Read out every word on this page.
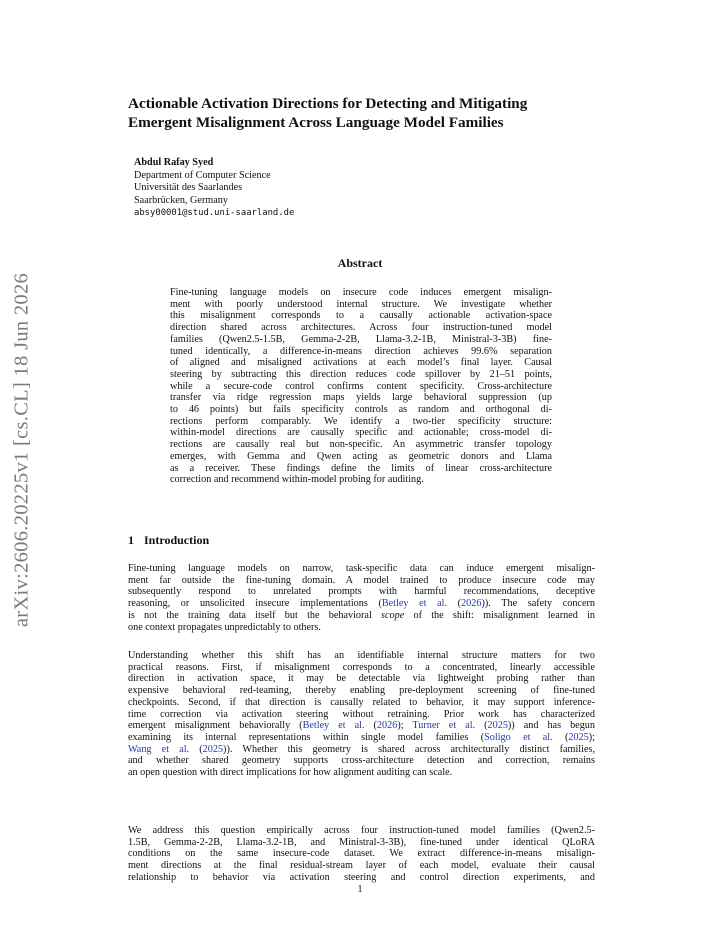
arXiv:2606.20225v1 [cs.CL] 18 Jun 2026
Actionable Activation Directions for Detecting and Mitigating
Emergent Misalignment Across Language Model Families
Abdul Rafay Syed
Department of Computer Science
Universität des Saarlandes
Saarbrücken, Germany
absy00001@stud.uni-saarland.de
Abstract
Fine-tuning language models on insecure code induces emergent misalign-
ment with poorly understood internal structure. We investigate whether
this misalignment corresponds to a causally actionable activation-space
direction shared across architectures. Across four instruction-tuned model
families (Qwen2.5-1.5B, Gemma-2-2B, Llama-3.2-1B, Ministral-3-3B) fine-
tuned identically, a difference-in-means direction achieves 99.6% separation
of aligned and misaligned activations at each model’s final layer. Causal
steering by subtracting this direction reduces code spillover by 21–51 points,
while a secure-code control confirms content specificity. Cross-architecture
transfer via ridge regression maps yields large behavioral suppression (up
to 46 points) but fails specificity controls as random and orthogonal di-
rections perform comparably. We identify a two-tier specificity structure:
within-model directions are causally specific and actionable; cross-model di-
rections are causally real but non-specific. An asymmetric transfer topology
emerges, with Gemma and Qwen acting as geometric donors and Llama
as a receiver. These findings define the limits of linear cross-architecture
correction and recommend within-model probing for auditing.
1 Introduction

Fine-tuning language models on narrow, task-specific data can induce emergent misalign-
ment far outside the fine-tuning domain. A model trained to produce insecure code may
subsequently respond to unrelated prompts with harmful recommendations, deceptive
reasoning, or unsolicited insecure implementations (Betley et al. (2026)). The safety concern
is not the training data itself but the behavioral scope of the shift: misalignment learned in
one context propagates unpredictably to others.

Understanding whether this shift has an identifiable internal structure matters for two
practical reasons. First, if misalignment corresponds to a concentrated, linearly accessible
direction in activation space, it may be detectable via lightweight probing rather than
expensive behavioral red-teaming, thereby enabling pre-deployment screening of fine-tuned
checkpoints. Second, if that direction is causally related to behavior, it may support inference-
time correction via activation steering without retraining. Prior work has characterized
emergent misalignment behaviorally (Betley et al. (2026); Turner et al. (2025)) and has begun
examining its internal representations within single model families (Soligo et al. (2025);
Wang et al. (2025)). Whether this geometry is shared across architecturally distinct families,
and whether shared geometry supports cross-architecture detection and correction, remains
an open question with direct implications for how alignment auditing can scale.

We address this question empirically across four instruction-tuned model families (Qwen2.5-
1.5B, Gemma-2-2B, Llama-3.2-1B, and Ministral-3-3B), fine-tuned under identical QLoRA
conditions on the same insecure-code dataset. We extract difference-in-means misalign-
ment directions at the final residual-stream layer of each model, evaluate their causal
relationship to behavior via activation steering and control direction experiments, and

1
